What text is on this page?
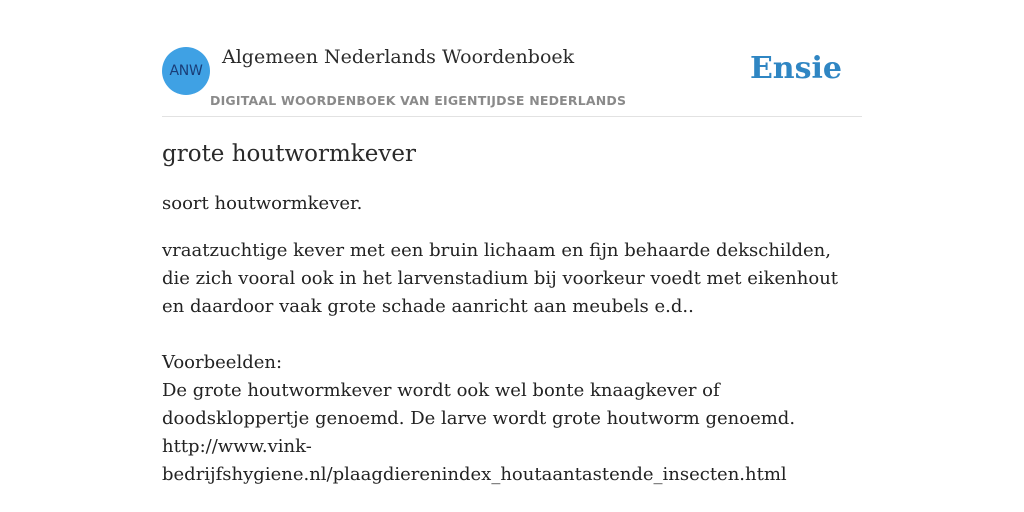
ANW
Algemeen Nederlands Woordenboek
DIGITAAL WOORDENBOEK VAN EIGENTIJDSE NEDERLANDS
Ensie
grote houtwormkever

soort houtwormkever.

vraatzuchtige kever met een bruin lichaam en fijn behaarde dekschilden, die zich vooral ook in het larvenstadium bij voorkeur voedt met eikenhout en daardoor vaak grote schade aanricht aan meubels e.d..

Voorbeelden:
De grote houtwormkever wordt ook wel bonte knaagkever of doodskloppertje genoemd. De larve wordt grote houtworm genoemd.
http://www.vink-
bedrijfshygiene.nl/plaagdierenindex_houtaantastende_insecten.html
